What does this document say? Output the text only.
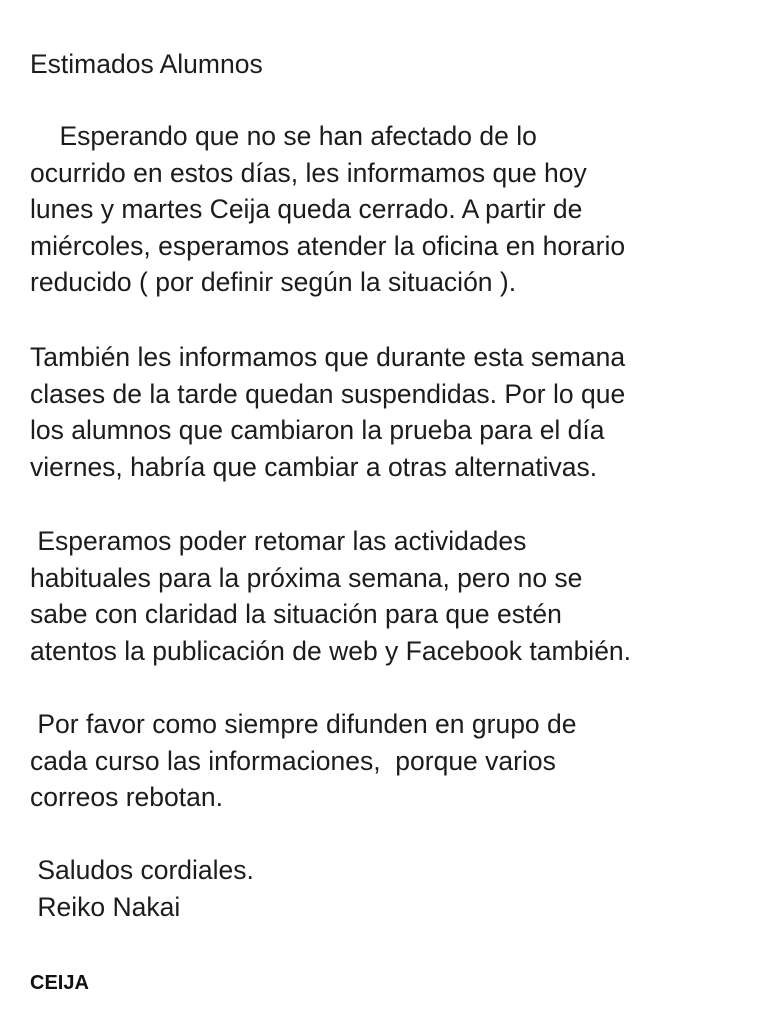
Estimados Alumnos

Esperando que no se han afectado de lo
ocurrido en estos días, les informamos que hoy
lunes y martes Ceija queda cerrado. A partir de
miércoles, esperamos atender la oficina en horario
reducido ( por definir según la situación ).

También les informamos que durante esta semana
clases de la tarde quedan suspendidas. Por lo que
los alumnos que cambiaron la prueba para el día
viernes, habría que cambiar a otras alternativas.

Esperamos poder retomar las actividades
habituales para la próxima semana, pero no se
sabe con claridad la situación para que estén
atentos la publicación de web y Facebook también.

Por favor como siempre difunden en grupo de
cada curso las informaciones,  porque varios
correos rebotan.

Saludos cordiales.
Reiko Nakai

CEIJA
